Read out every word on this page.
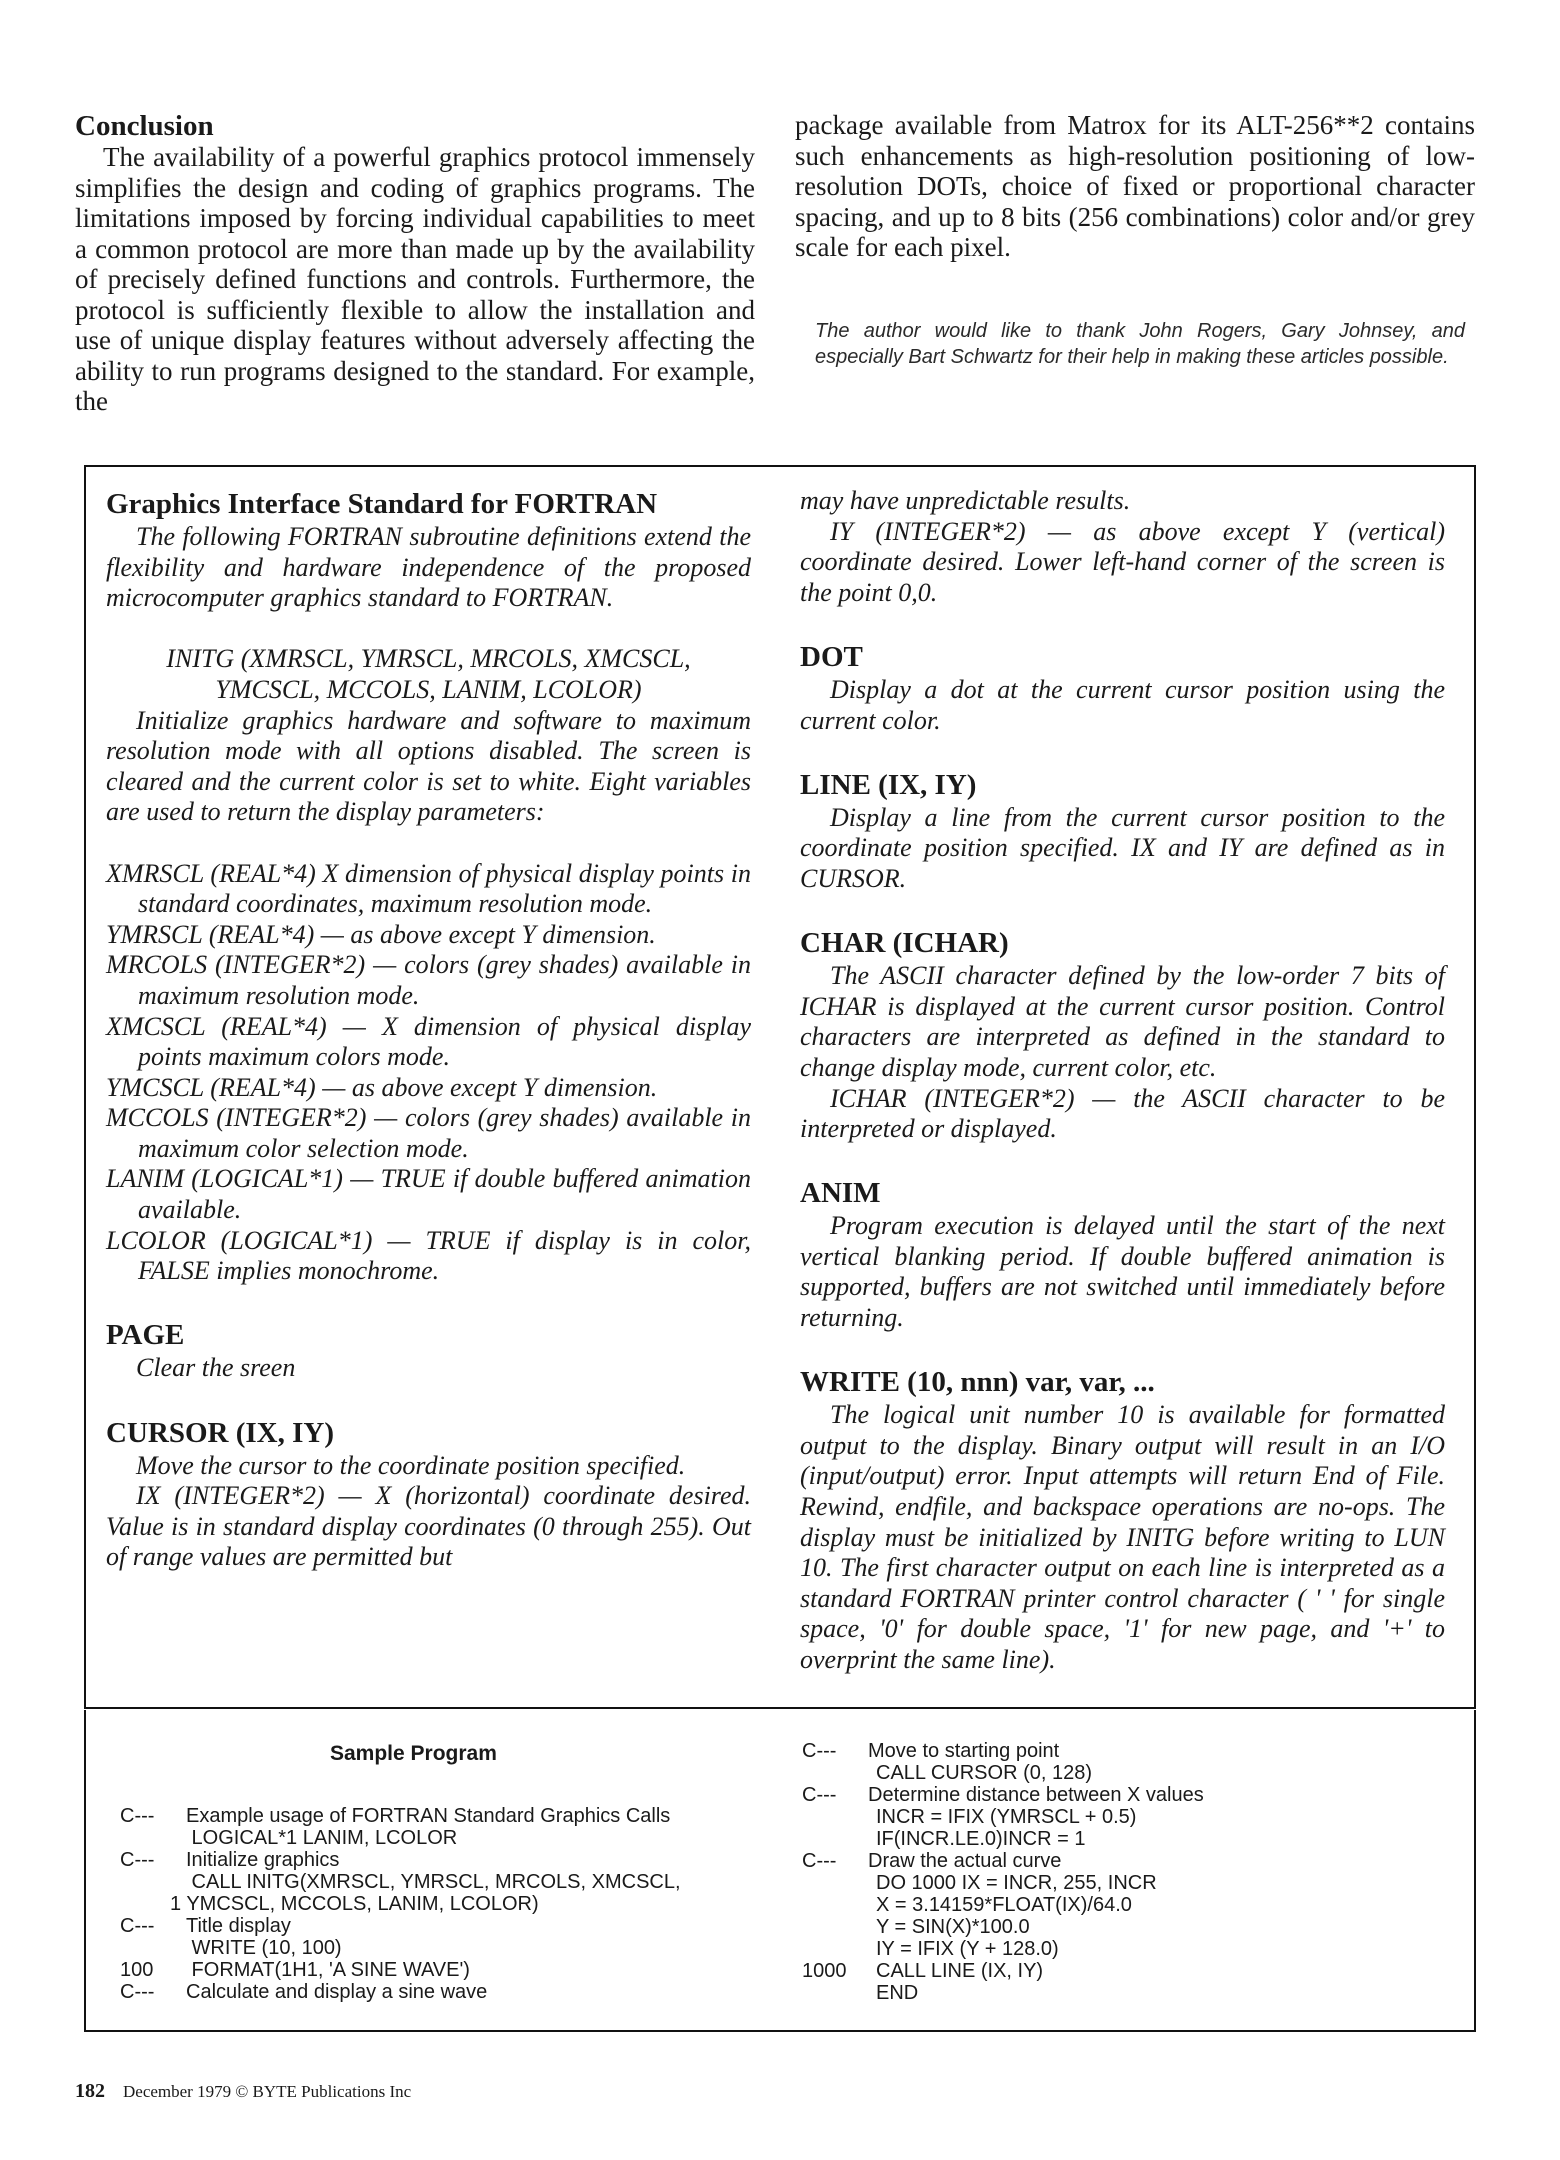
Conclusion

The availability of a powerful graphics protocol immensely simplifies the design and coding of graphics programs. The limitations imposed by forcing individual capabilities to meet a common protocol are more than made up by the availability of precisely defined functions and controls. Furthermore, the protocol is sufficiently flexible to allow the installation and use of unique display features without adversely affecting the ability to run programs designed to the standard. For example, the

package available from Matrox for its ALT-256**2 contains such enhancements as high-resolution positioning of low-resolution DOTs, choice of fixed or proportional character spacing, and up to 8 bits (256 combinations) color and/or grey scale for each pixel.

The author would like to thank John Rogers, Gary Johnsey, and especially Bart Schwartz for their help in making these articles possible.

Graphics Interface Standard for FORTRAN

The following FORTRAN subroutine definitions extend the flexibility and hardware independence of the proposed microcomputer graphics standard to FORTRAN.

INITG (XMRSCL, YMRSCL, MRCOLS, XMCSCL,

YMCSCL, MCCOLS, LANIM, LCOLOR)

Initialize graphics hardware and software to maximum resolution mode with all options disabled. The screen is cleared and the current color is set to white. Eight variables are used to return the display parameters:

XMRSCL (REAL*4) X dimension of physical display points in standard coordinates, maximum resolution mode.

YMRSCL (REAL*4) — as above except Y dimension.

MRCOLS (INTEGER*2) — colors (grey shades) available in maximum resolution mode.

XMCSCL (REAL*4) — X dimension of physical display points maximum colors mode.

YMCSCL (REAL*4) — as above except Y dimension.

MCCOLS (INTEGER*2) — colors (grey shades) available in maximum color selection mode.

LANIM (LOGICAL*1) — TRUE if double buffered animation available.

LCOLOR (LOGICAL*1) — TRUE if display is in color, FALSE implies monochrome.

PAGE

Clear the sreen

CURSOR (IX, IY)

Move the cursor to the coordinate position specified.

IX (INTEGER*2) — X (horizontal) coordinate desired. Value is in standard display coordinates (0 through 255). Out of range values are permitted but

may have unpredictable results.

IY (INTEGER*2) — as above except Y (vertical) coordinate desired. Lower left-hand corner of the screen is the point 0,0.

DOT

Display a dot at the current cursor position using the current color.

LINE (IX, IY)

Display a line from the current cursor position to the coordinate position specified. IX and IY are defined as in CURSOR.

CHAR (ICHAR)

The ASCII character defined by the low-order 7 bits of ICHAR is displayed at the current cursor position. Control characters are interpreted as defined in the standard to change display mode, current color, etc.

ICHAR (INTEGER*2) — the ASCII character to be interpreted or displayed.

ANIM

Program execution is delayed until the start of the next vertical blanking period. If double buffered animation is supported, buffers are not switched until immediately before returning.

WRITE (10, nnn) var, var, ...

The logical unit number 10 is available for formatted output to the display. Binary output will result in an I/O (input/output) error. Input attempts will return End of File. Rewind, endfile, and backspace operations are no-ops. The display must be initialized by INITG before writing to LUN 10. The first character output on each line is interpreted as a standard FORTRAN printer control character ( ' ' for single space, '0' for double space, '1' for new page, and '+' to overprint the same line).

Sample Program
C---	Example usage of FORTRAN Standard Graphics Calls
LOGICAL*1 LANIM, LCOLOR
C---	Initialize graphics
CALL INITG(XMRSCL, YMRSCL, MRCOLS, XMCSCL,
1 YMCSCL, MCCOLS, LANIM, LCOLOR)
C---	Title display
WRITE (10, 100)
100	FORMAT(1H1, 'A SINE WAVE')
C---	Calculate and display a sine wave
C---	Move to starting point
CALL CURSOR (0, 128)
C---	Determine distance between X values
INCR = IFIX (YMRSCL + 0.5)
IF(INCR.LE.0)INCR = 1
C---	Draw the actual curve
DO 1000 IX = INCR, 255, INCR
X = 3.14159*FLOAT(IX)/64.0
Y = SIN(X)*100.0
IY = IFIX (Y + 128.0)
1000	CALL LINE (IX, IY)
END
182 December 1979 © BYTE Publications Inc
